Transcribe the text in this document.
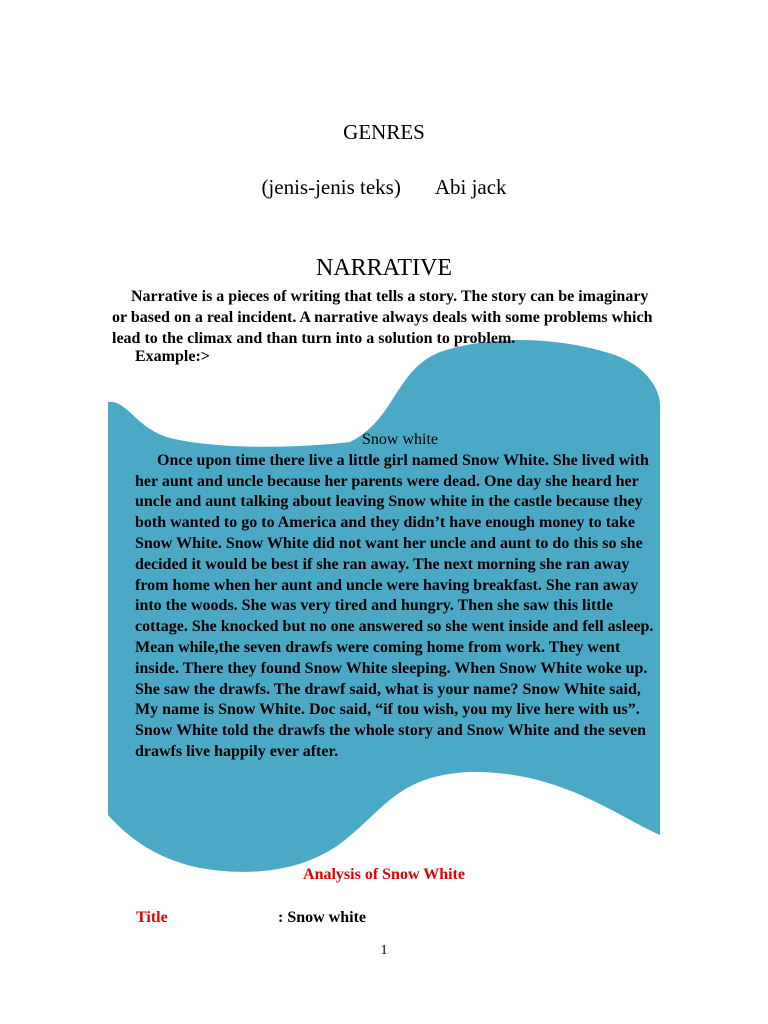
GENRES
(jenis-jenis teks) Abi jack
NARRATIVE

Narrative is a pieces of writing that tells a story. The story can be imaginary or based on a real incident. A narrative always deals with some problems which lead to the climax and than turn into a solution to problem.

Example:>
Snow white

Once upon time there live a little girl named Snow White. She lived with her aunt and uncle because her parents were dead. One day she heard her uncle and aunt talking about leaving Snow white in the castle because they both wanted to go to America and they didn’t have enough money to take Snow White. Snow White did not want her uncle and aunt to do this so she decided it would be best if she ran away. The next morning she ran away from home when her aunt and uncle were having breakfast. She ran away into the woods. She was very tired and hungry. Then she saw this little cottage. She knocked but no one answered so she went inside and fell asleep. Mean while,the seven drawfs were coming home from work. They went inside. There they found Snow White sleeping. When Snow White woke up. She saw the drawfs. The drawf said, what is your name? Snow White said, My name is Snow White. Doc said, “if tou wish, you my live here with us”. Snow White told the drawfs the whole story and Snow White and the seven drawfs live happily ever after.

Analysis of Snow White
Title	: Snow white
1
